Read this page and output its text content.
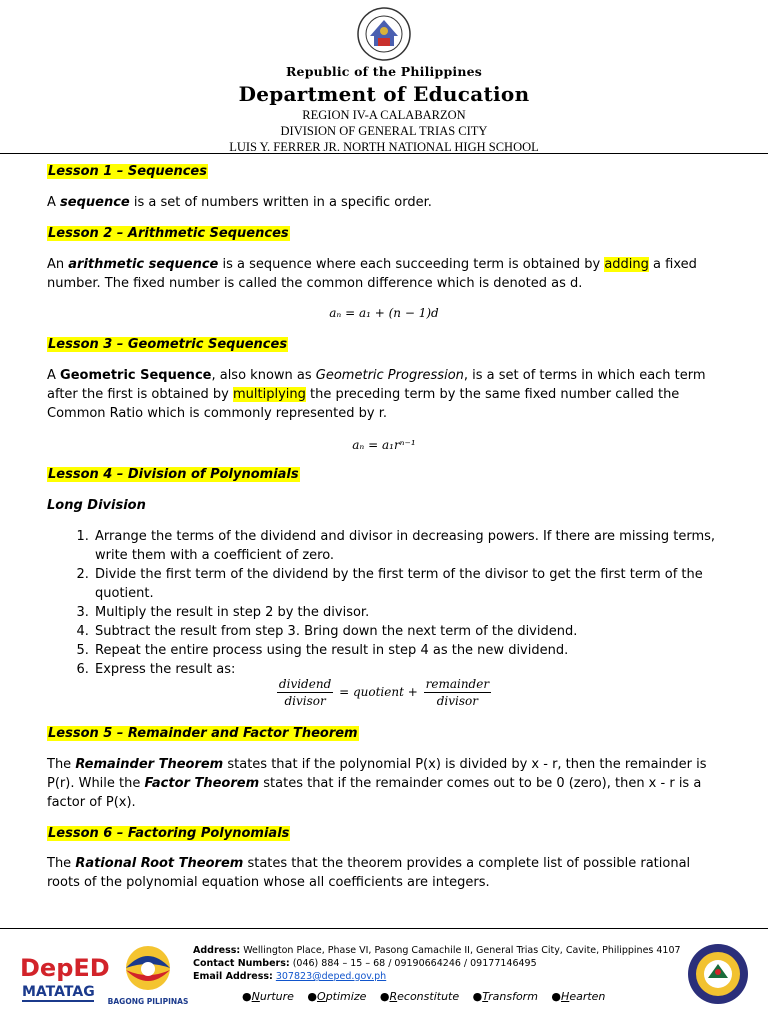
Republic of the Philippines
Department of Education
REGION IV-A CALABARZON
DIVISION OF GENERAL TRIAS CITY
LUIS Y. FERRER JR. NORTH NATIONAL HIGH SCHOOL
Lesson 1 – Sequences
A sequence is a set of numbers written in a specific order.
Lesson 2 – Arithmetic Sequences
An arithmetic sequence is a sequence where each succeeding term is obtained by adding a fixed number. The fixed number is called the common difference which is denoted as d.
aₙ = a₁ + (n − 1)d
Lesson 3 – Geometric Sequences
A Geometric Sequence, also known as Geometric Progression, is a set of terms in which each term after the first is obtained by multiplying the preceding term by the same fixed number called the Common Ratio which is commonly represented by r.
aₙ = a₁rⁿ⁻¹
Lesson 4 – Division of Polynomials
Long Division
1. Arrange the terms of the dividend and divisor in decreasing powers. If there are missing terms, write them with a coefficient of zero.
2. Divide the first term of the dividend by the first term of the divisor to get the first term of the quotient.
3. Multiply the result in step 2 by the divisor.
4. Subtract the result from step 3. Bring down the next term of the dividend.
5. Repeat the entire process using the result in step 4 as the new dividend.
6. Express the result as:
$\frac{\text{dividend}}{\text{divisor}}$ = quotient + $\frac{\text{remainder}}{\text{divisor}}$
Lesson 5 – Remainder and Factor Theorem
The Remainder Theorem states that if the polynomial P(x) is divided by x - r, then the remainder is P(r). While the Factor Theorem states that if the remainder comes out to be 0 (zero), then x - r is a factor of P(x).
Lesson 6 – Factoring Polynomials
The Rational Root Theorem states that the theorem provides a complete list of possible rational roots of the polynomial equation whose all coefficients are integers.
DepED
MATATAG
BAGONG PILIPINAS
Address: Wellington Place, Phase VI, Pasong Camachile II, General Trias City, Cavite, Philippines 4107
Contact Numbers: (046) 884 – 15 – 68 / 09190664246 / 09177146495
Email Address: 307823@deped.gov.ph
●Nurture ●Optimize ●Reconstitute ●Transform ●Hearten
